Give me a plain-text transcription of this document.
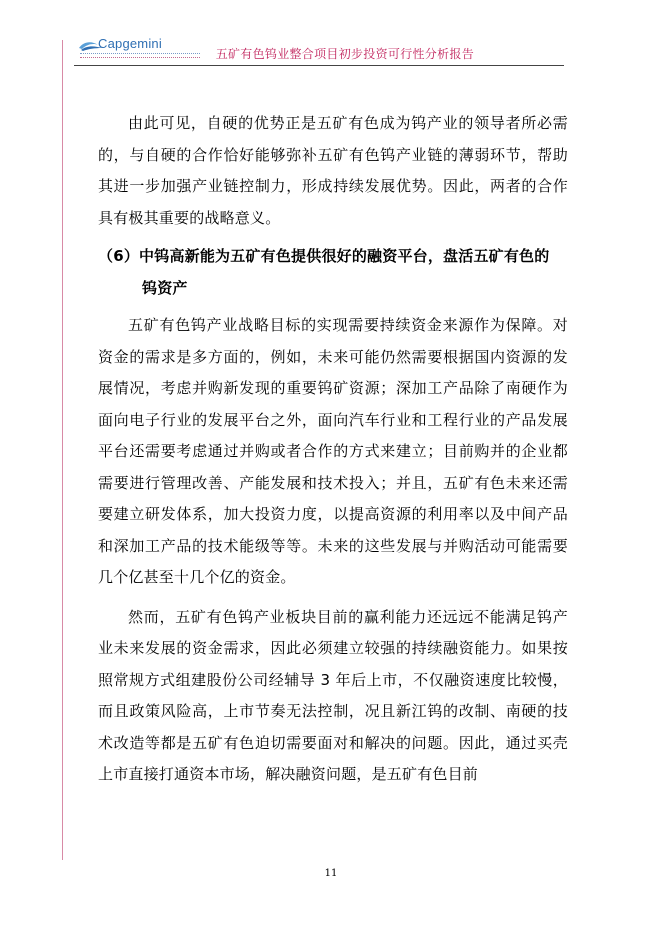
Capgemini
五矿有色钨业整合项目初步投资可行性分析报告

由此可见，自硬的优势正是五矿有色成为钨产业的领导者所必需的，与自硬的合作恰好能够弥补五矿有色钨产业链的薄弱环节，帮助其进一步加强产业链控制力，形成持续发展优势。因此，两者的合作具有极其重要的战略意义。

（6）中钨高新能为五矿有色提供很好的融资平台，盘活五矿有色的
钨资产

五矿有色钨产业战略目标的实现需要持续资金来源作为保障。对资金的需求是多方面的，例如，未来可能仍然需要根据国内资源的发展情况，考虑并购新发现的重要钨矿资源；深加工产品除了南硬作为面向电子行业的发展平台之外，面向汽车行业和工程行业的产品发展平台还需要考虑通过并购或者合作的方式来建立；目前购并的企业都需要进行管理改善、产能发展和技术投入；并且，五矿有色未来还需要建立研发体系，加大投资力度，以提高资源的利用率以及中间产品和深加工产品的技术能级等等。未来的这些发展与并购活动可能需要几个亿甚至十几个亿的资金。

然而，五矿有色钨产业板块目前的赢利能力还远远不能满足钨产业未来发展的资金需求，因此必须建立较强的持续融资能力。如果按照常规方式组建股份公司经辅导 3 年后上市，不仅融资速度比较慢，而且政策风险高，上市节奏无法控制，况且新江钨的改制、南硬的技术改造等都是五矿有色迫切需要面对和解决的问题。因此，通过买壳上市直接打通资本市场，解决融资问题，是五矿有色目前

11
